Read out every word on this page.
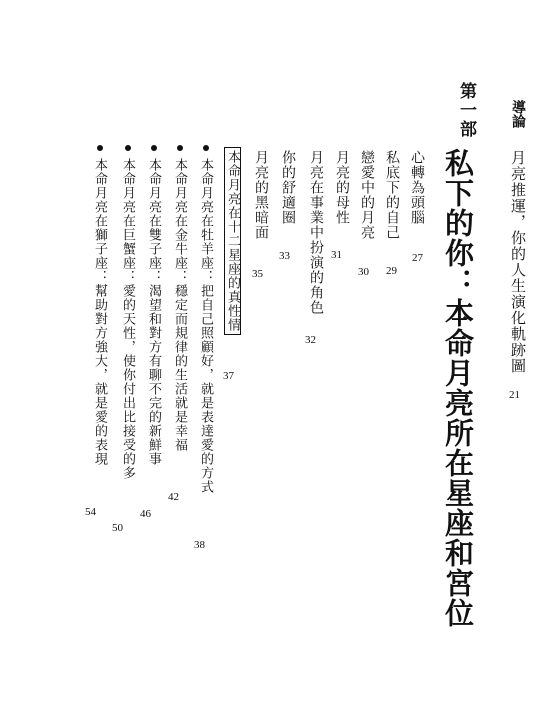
導論
月亮推運，你的人生演化軌跡圖
21
第一部
私下的你：本命月亮所在星座和宮位
心轉為頭腦
27
私底下的自己
29
戀愛中的月亮
30
月亮的母性
31
月亮在事業中扮演的角色
32
你的舒適圈
33
月亮的黑暗面
35
本命月亮在十二星座的真性情
37
本命月亮在牡羊座：把自己照顧好，就是表達愛的方式
38
本命月亮在金牛座：穩定而規律的生活就是幸福
42
本命月亮在雙子座：渴望和對方有聊不完的新鮮事
46
本命月亮在巨蟹座：愛的天性，使你付出比接受的多
50
本命月亮在獅子座：幫助對方強大，就是愛的表現
54
